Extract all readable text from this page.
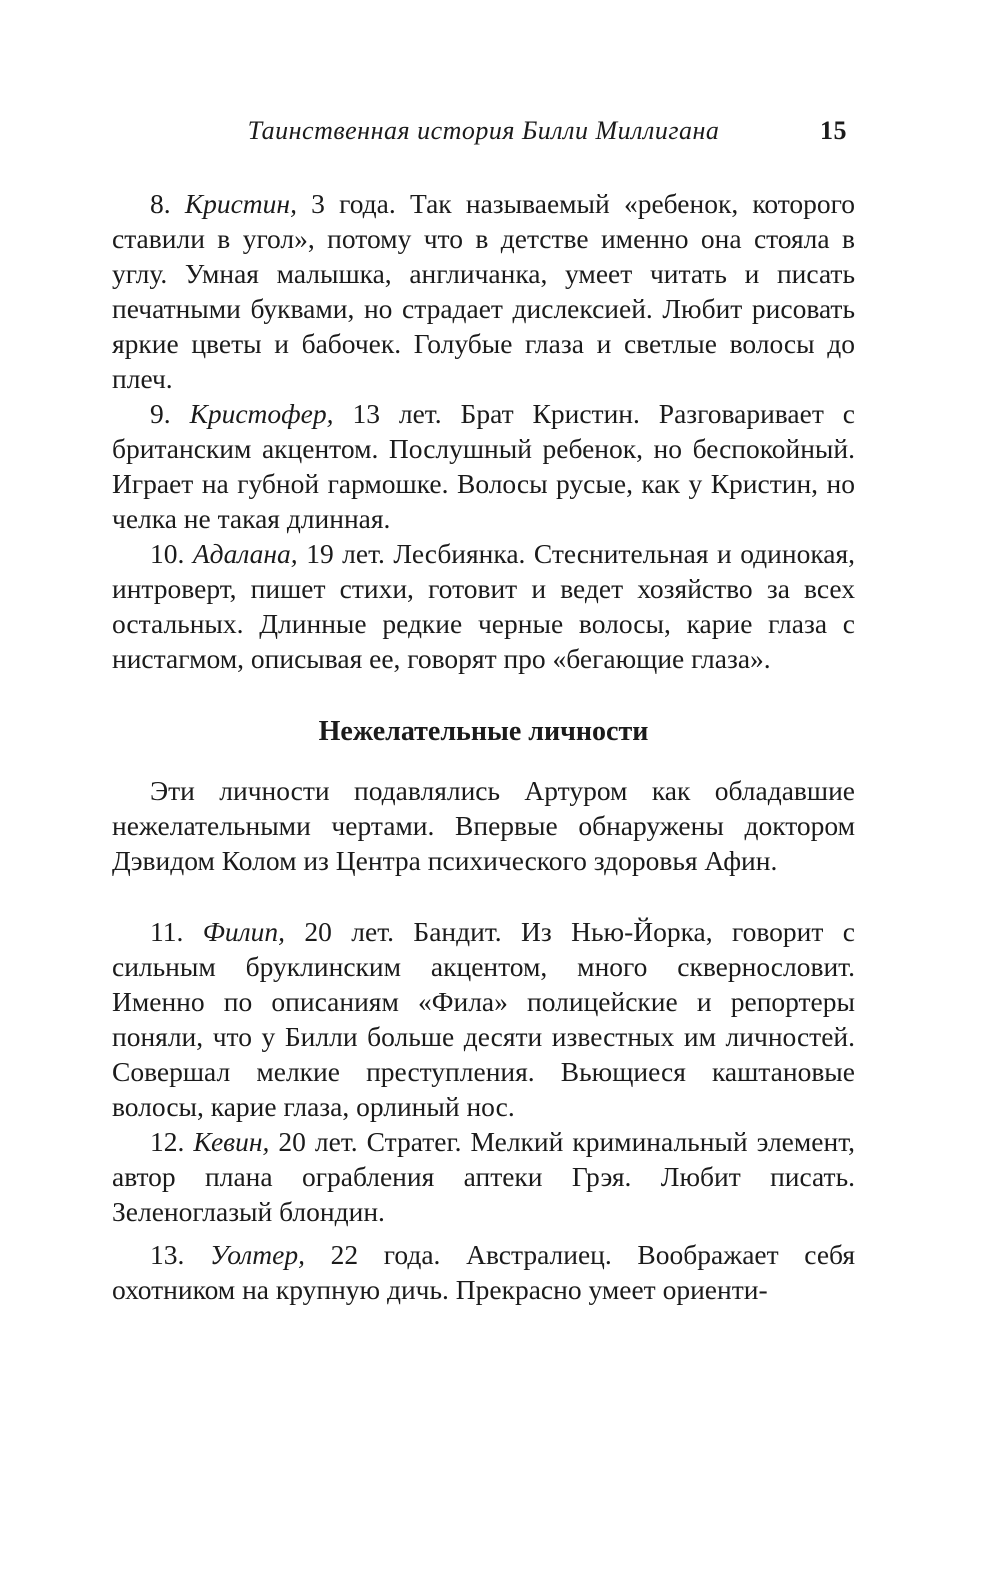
Таинственная история Билли Миллигана	15

8. Кристин, 3 года. Так называемый «ребенок, которого ставили в угол», потому что в детстве именно она стояла в углу. Умная малышка, англичанка, умеет читать и писать печатными буквами, но страдает дислексией. Любит рисовать яркие цветы и бабочек. Голубые глаза и светлые волосы до плеч.

9. Кристофер, 13 лет. Брат Кристин. Разговаривает с британским акцентом. Послушный ребенок, но беспокойный. Играет на губной гармошке. Волосы русые, как у Кристин, но челка не такая длинная.

10. Адалана, 19 лет. Лесбиянка. Стеснительная и одинокая, интроверт, пишет стихи, готовит и ведет хозяйство за всех остальных. Длинные редкие черные волосы, карие глаза с нистагмом, описывая ее, говорят про «бегающие глаза».

Нежелательные личности

Эти личности подавлялись Артуром как обладавшие нежелательными чертами. Впервые обнаружены доктором Дэвидом Колом из Центра психического здоровья Афин.

11. Филип, 20 лет. Бандит. Из Нью-Йорка, говорит с сильным бруклинским акцентом, много сквернословит. Именно по описаниям «Фила» полицейские и репортеры поняли, что у Билли больше десяти известных им личностей. Совершал мелкие преступления. Вьющиеся каштановые волосы, карие глаза, орлиный нос.

12. Кевин, 20 лет. Стратег. Мелкий криминальный элемент, автор плана ограбления аптеки Грэя. Любит писать. Зеленоглазый блондин.

13. Уолтер, 22 года. Австралиец. Воображает себя охотником на крупную дичь. Прекрасно умеет ориенти-
